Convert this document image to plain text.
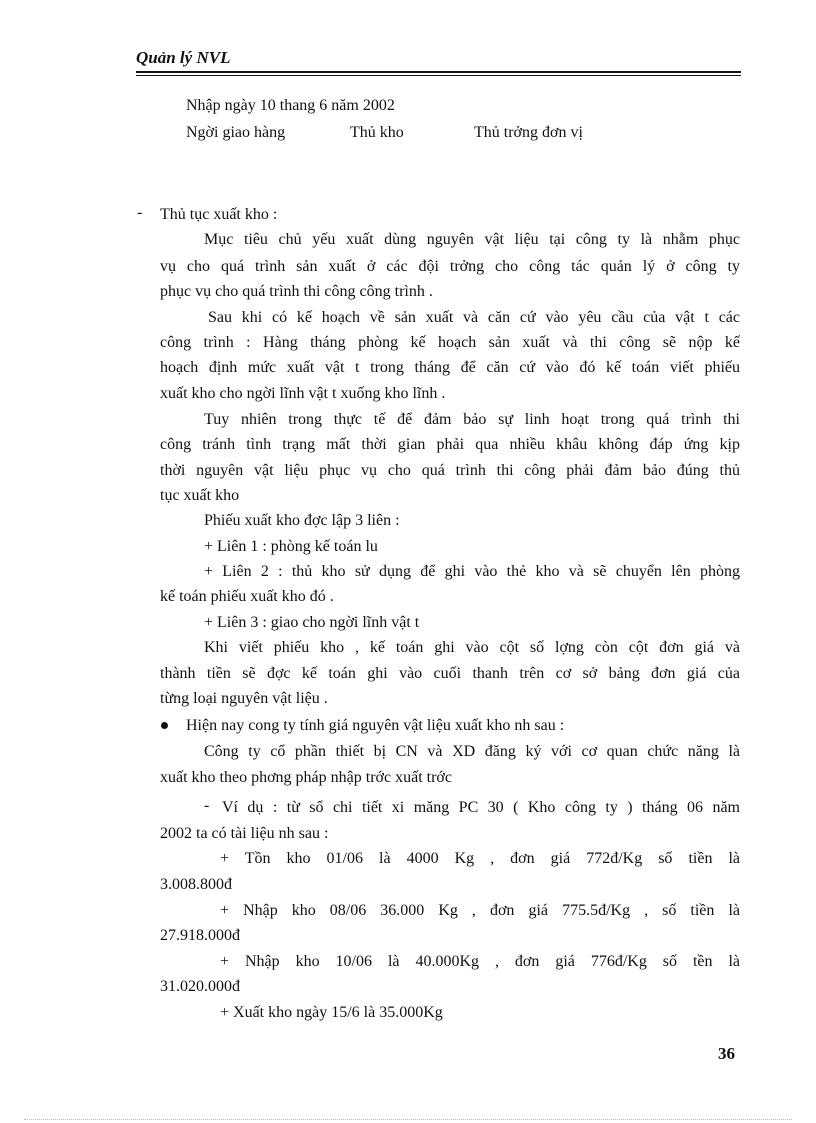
Quản lý NVL
Nhập ngày 10 thang 6 năm 2002
Ngời giao hàng	Thủ kho	Thủ trởng đơn vị
- Thủ tục xuất kho :
Mục tiêu chủ yếu xuất dùng nguyên vật liệu tại công ty là nhằm phục
vụ cho quá trình sản xuất ở các đội trởng cho công tác quản lý ở công ty
phục vụ cho quá trình thi công công trình .
Sau khi có kế hoạch về sản xuất và căn cứ vào yêu cầu của vật t các
công trình : Hàng tháng phòng kế hoạch sản xuất và thi công sẽ nộp kế
hoạch định mức xuất vật t trong tháng để căn cứ vào đó kế toán viết phiếu
xuất kho cho ngời lĩnh vật t xuống kho lĩnh .
Tuy nhiên trong thực tế để đảm bảo sự linh hoạt trong quá trình thi
công tránh tình trạng mất thời gian phải qua nhiều khâu không đáp ứng kịp
thời nguyên vật liệu phục vụ cho quá trình thi công phải đảm bảo đúng thủ
tục xuất kho
Phiếu xuất kho đợc lập 3 liên :
+ Liên 1 : phòng kế toán lu
+ Liên 2 : thủ kho sử dụng để ghi vào thẻ kho và sẽ chuyển lên phòng
kế toán phiếu xuất kho đó .
+ Liên 3 : giao cho ngời lĩnh vật t
Khi viết phiếu kho , kế toán ghi vào cột số lợng còn cột đơn giá và
thành tiền sẽ đợc kế toán ghi vào cuối thanh trên cơ sở bảng đơn giá của
từng loại nguyên vật liệu .
Hiện nay cong ty tính giá nguyên vật liệu xuất kho nh sau :
Công ty cổ phần thiết bị CN và XD đăng ký với cơ quan chức năng là
xuất kho theo phơng pháp nhập trớc xuất trớc
- Ví dụ : từ sổ chi tiết xi măng PC 30 ( Kho công ty ) tháng 06 năm
2002 ta có tài liệu nh sau :
+ Tồn kho 01/06 là 4000 Kg , đơn giá 772đ/Kg số tiền là
3.008.800đ
+ Nhập kho 08/06 36.000 Kg , đơn giá 775.5đ/Kg , số tiền là
27.918.000đ
+ Nhập kho 10/06 là 40.000Kg , đơn giá 776đ/Kg số tền là
31.020.000đ
+ Xuất kho ngày 15/6 là 35.000Kg
36
